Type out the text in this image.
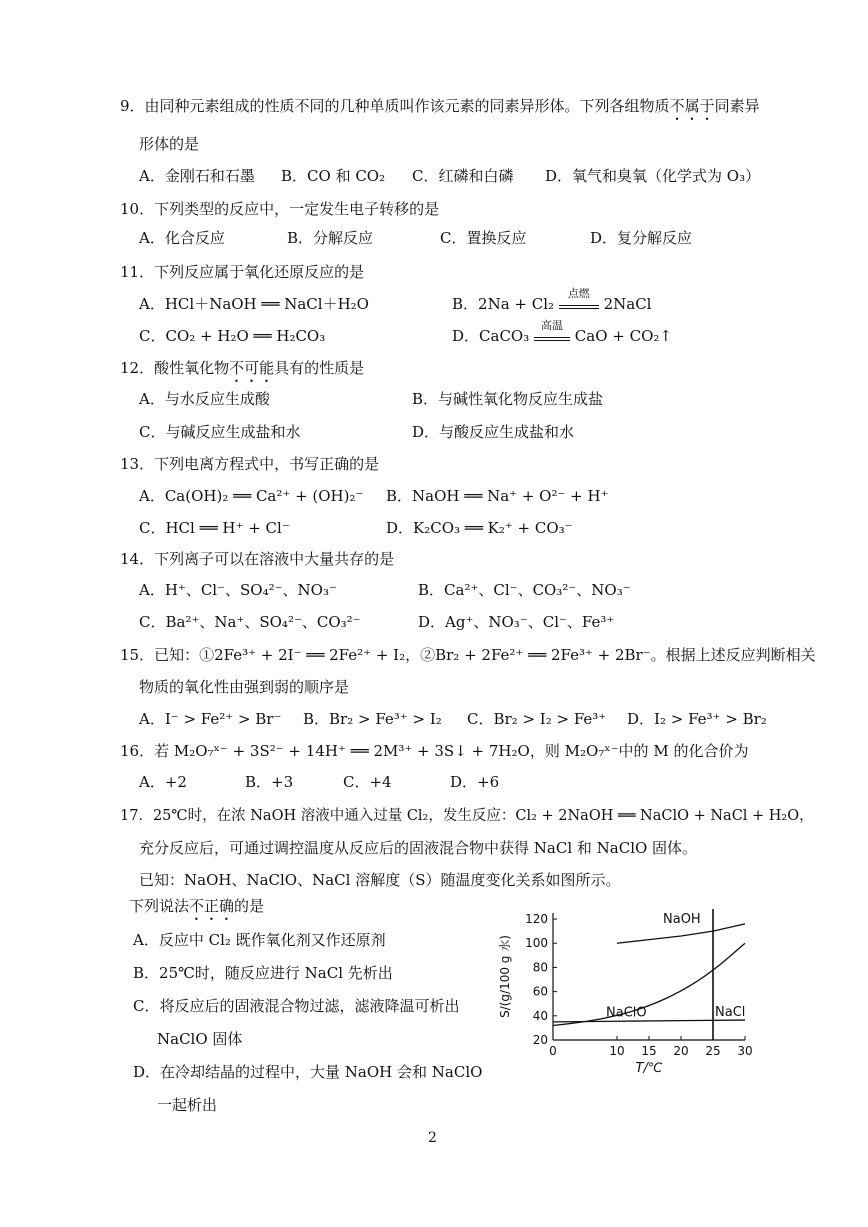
9．由同种元素组成的性质不同的几种单质叫作该元素的同素异形体。下列各组物质不属于同素异
形体的是
A．金刚石和石墨 B．CO 和 CO₂ C．红磷和白磷 D．氧气和臭氧（化学式为 O₃）
10．下列类型的反应中，一定发生电子转移的是
A．化合反应	B．分解反应	C．置换反应	D．复分解反应
11．下列反应属于氧化还原反应的是
A．HCl＋NaOH ══ NaCl＋H₂O	B．2Na + Cl₂
点燃
2NaCl
C．CO₂ + H₂O ══ H₂CO₃	D．CaCO₃
高温
CaO + CO₂↑
12．酸性氧化物不可能具有的性质是
A．与水反应生成酸	B．与碱性氧化物反应生成盐
C．与碱反应生成盐和水	D．与酸反应生成盐和水
13．下列电离方程式中，书写正确的是
A．Ca(OH)₂ ══ Ca²⁺ + (OH)₂⁻ B．NaOH ══ Na⁺ + O²⁻ + H⁺
C．HCl ══ H⁺ + Cl⁻	D．K₂CO₃ ══ K₂⁺ + CO₃⁻
14．下列离子可以在溶液中大量共存的是
A．H⁺、Cl⁻、SO₄²⁻、NO₃⁻	B．Ca²⁺、Cl⁻、CO₃²⁻、NO₃⁻
C．Ba²⁺、Na⁺、SO₄²⁻、CO₃²⁻	D．Ag⁺、NO₃⁻、Cl⁻、Fe³⁺
15．已知：①2Fe³⁺ + 2I⁻ ══ 2Fe²⁺ + I₂，②Br₂ + 2Fe²⁺ ══ 2Fe³⁺ + 2Br⁻。根据上述反应判断相关
物质的氧化性由强到弱的顺序是
A．I⁻ > Fe²⁺ > Br⁻ B．Br₂ > Fe³⁺ > I₂ C．Br₂ > I₂ > Fe³⁺ D．I₂ > Fe³⁺ > Br₂
16．若 M₂O₇ˣ⁻ + 3S²⁻ + 14H⁺ ══ 2M³⁺ + 3S↓ + 7H₂O，则 M₂O₇ˣ⁻中的 M 的化合价为
A．+2	B．+3	C．+4	D．+6
17．25℃时，在浓 NaOH 溶液中通入过量 Cl₂，发生反应：Cl₂ + 2NaOH ══ NaClO + NaCl + H₂O，
充分反应后，可通过调控温度从反应后的固液混合物中获得 NaCl 和 NaClO 固体。
已知：NaOH、NaClO、NaCl 溶解度（S）随温度变化关系如图所示。
下列说法不正确的是
A．反应中 Cl₂ 既作氧化剂又作还原剂
B．25℃时，随反应进行 NaCl 先析出
C．将反应后的固液混合物过滤，滤液降温可析出
NaClO 固体
D．在冷却结晶的过程中，大量 NaOH 会和 NaClO
一起析出
0	10 15 20 25 30
20
40
60
80
100
120
T/℃
S/(g/100 g 水)
NaOH
NaClO	NaCl
2
